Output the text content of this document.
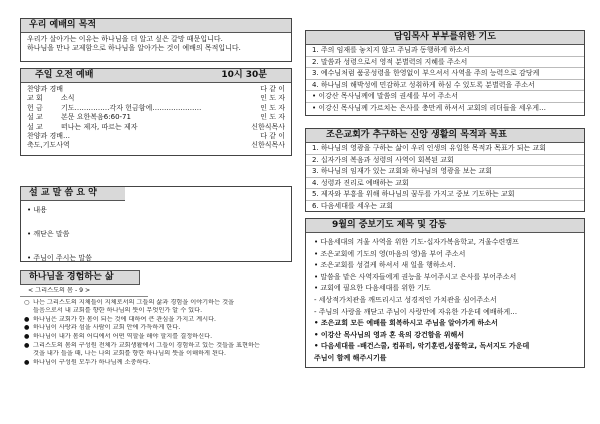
우리 예배의 목적
우리가 살아가는 이유는 하나님을 더 알고 싶은 갈망 때문입니다.
하나님을 만나 교제함으로 하나님을 알아가는 것이 예배의 목적입니다.
주일 오전 예배	10시 30분
찬양과 경배	다 같 이
교 회	소식	인 도 자
헌 금	기도……………각자 헌금함에…………………	인 도 자
설 교	본문 요한복음6:60-71	인 도 자
설 교	떠나는 제자, 따르는 제자	신한식목사
찬양과 경배…	다 같 이
축도,기도사역	신한식목사
설 교 말 씀 요 약
• 내용
• 깨닫은 말씀
• 주님이 주시는 말씀
하나님을 경험하는 삶
< 그리스도의 몸 - 9 >
○ 나는 그리스도의 지체들이 지체로서의 그들의 삶과 경험을 이야기하는 것을
들음으로서 내 교회를 향한 하나님의 뜻이 무엇인가 알 수 있다.
● 하나님은 교회가 한 몸이 되는 것에 대하여 큰 관심을 가지고 계시다.
● 하나님이 사랑과 섬을 사람이 교회 안에 가득하게 한다.
● 하나님이 내가 몸의 어디에서 어떤 역할을 해야 할지를 결정하신다.
● 그리스도의 몸의 구성원 전체가 교회생활에서 그들이 경험하고 있는 것들을 표현하는
것을 내가 들을 때, 나는 나의 교회를 향한 하나님의 뜻을 이해하게 된다.
● 하나님이 구성원 모두가 하나님께 소중하다.
담임목사 부부를위한 기도
1. 주의 임재를 놓치지 않고 주님과 동행하게 하소서
2. 말씀과 성령으로서 영적 분별력의 지혜를 주소서
3. 예수님처럼 품공성령을 한영없이 부으셔서 사역을 주의 능력으로 감당케
4. 하나님의 해박성에 민감하고 성취하게 하심 수 있도록 분별력을 주소서
• 이강산 목사님께에 말씀의 권세를 부어 주소서
• 이강신 목사님께 가르치는 은사를 충만케 하셔서 교회의 리더들을 세우게…
조은교회가 추구하는 신앙 생활의 목적과 목표
1. 하나님의 영광을 구하는 삶이 우리 인생의 유일한 목적과 목표가 되는 교회
2. 십자가의 복음과 성령의 사역이 회복된 교회
3. 하나님의 임재가 있는 교회와 하나님의 영광을 보는 교회
4. 성령과 진리로 예배하는 교회
5. 제자와 부흥을 위해 하나님의 꿈두를 가지고 중보 기도하는 교회
6. 다음세대를 세우는 교회
9월의 중보기도 제목 및 감동
• 다음세대의 겨울 사역을 위한 기도-십자가복음학교, 겨울수련캠프
• 조은교회에 기도의 영(마음의 영)을 부어 주소서
• 조은교회를 성결케 하셔서 새 일을 행하소서.
• 말씀을 맡은 사역자들에게 권능을 부어주시고 은사를 부어주소서
• 교회에 필요한 다음세대를 위한 기도
- 세상적가치관을 깨뜨리시고 성경적인 가치관을 심어주소서
- 주님의 사랑을 깨닫고 주님이 사랑만에 자유한 가운데 예배하게…
• 조은교회 모든 예배를 회복하시고 주님을 알아가게 하소서
• 이강산 목사님의 영과 혼 육의 강건함을 위해서
• 다음세대를 -배건스쿨, 컴퓨터, 악기훈련,성품학교, 독서지도 가운데
주님이 함께 해주시기를
